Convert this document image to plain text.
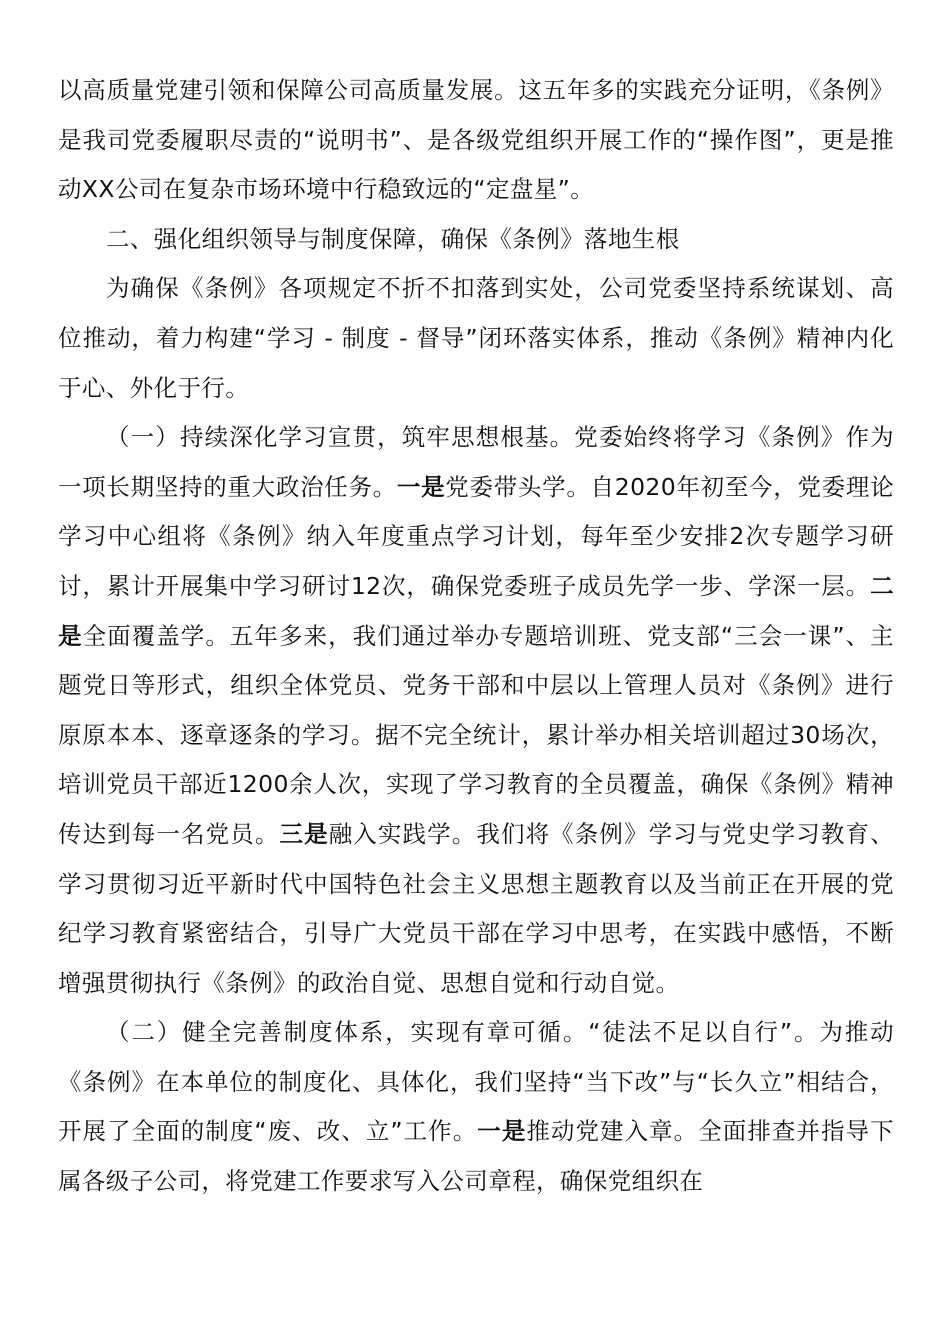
以高质量党建引领和保障公司高质量发展。这五年多的实践充分证明，《条例》是我司党委履职尽责的“说明书”、是各级党组织开展工作的“操作图”，更是推动XX公司在复杂市场环境中行稳致远的“定盘星”。

二、强化组织领导与制度保障，确保《条例》落地生根

为确保《条例》各项规定不折不扣落到实处，公司党委坚持系统谋划、高位推动，着力构建“学习 - 制度 - 督导”闭环落实体系，推动《条例》精神内化于心、外化于行。

（一）持续深化学习宣贯，筑牢思想根基。党委始终将学习《条例》作为一项长期坚持的重大政治任务。一是党委带头学。自2020年初至今，党委理论学习中心组将《条例》纳入年度重点学习计划，每年至少安排2次专题学习研讨，累计开展集中学习研讨12次，确保党委班子成员先学一步、学深一层。二是全面覆盖学。五年多来，我们通过举办专题培训班、党支部“三会一课”、主题党日等形式，组织全体党员、党务干部和中层以上管理人员对《条例》进行原原本本、逐章逐条的学习。据不完全统计，累计举办相关培训超过30场次，培训党员干部近1200余人次，实现了学习教育的全员覆盖，确保《条例》精神传达到每一名党员。三是融入实践学。我们将《条例》学习与党史学习教育、学习贯彻习近平新时代中国特色社会主义思想主题教育以及当前正在开展的党纪学习教育紧密结合，引导广大党员干部在学习中思考，在实践中感悟，不断增强贯彻执行《条例》的政治自觉、思想自觉和行动自觉。

（二）健全完善制度体系，实现有章可循。“徒法不足以自行”。为推动《条例》在本单位的制度化、具体化，我们坚持“当下改”与“长久立”相结合，开展了全面的制度“废、改、立”工作。一是推动党建入章。全面排查并指导下属各级子公司，将党建工作要求写入公司章程，确保党组织在
